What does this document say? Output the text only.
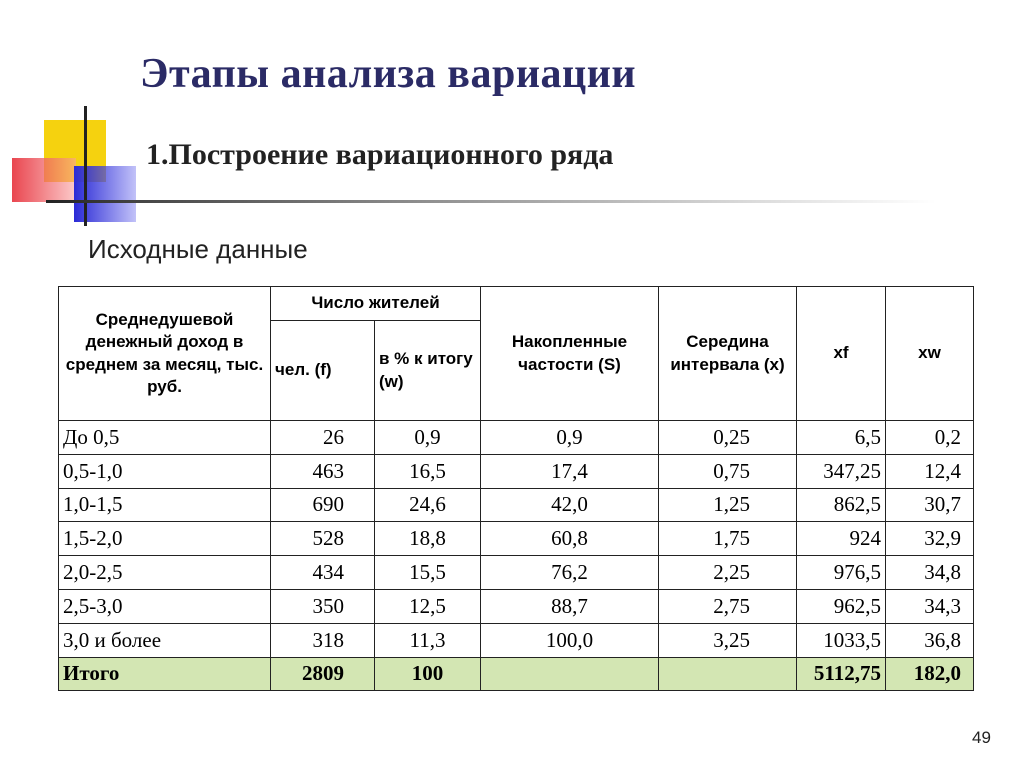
Этапы анализа вариации
1.Построение вариационного ряда
Исходные данные
Среднедушевой денежный доход в среднем за месяц, тыс. руб.	Число жителей		Накопленные частости (S)	Середина интервала (x)	xf	xw
	чел. (f)	в % к итогу (w)				
До 0,5	26	0,9	0,9	0,25	6,5	0,2
0,5-1,0	463	16,5	17,4	0,75	347,25	12,4
1,0-1,5	690	24,6	42,0	1,25	862,5	30,7
1,5-2,0	528	18,8	60,8	1,75	924	32,9
2,0-2,5	434	15,5	76,2	2,25	976,5	34,8
2,5-3,0	350	12,5	88,7	2,75	962,5	34,3
3,0 и более	318	11,3	100,0	3,25	1033,5	36,8
Итого	2809	100			5112,75	182,0
49
